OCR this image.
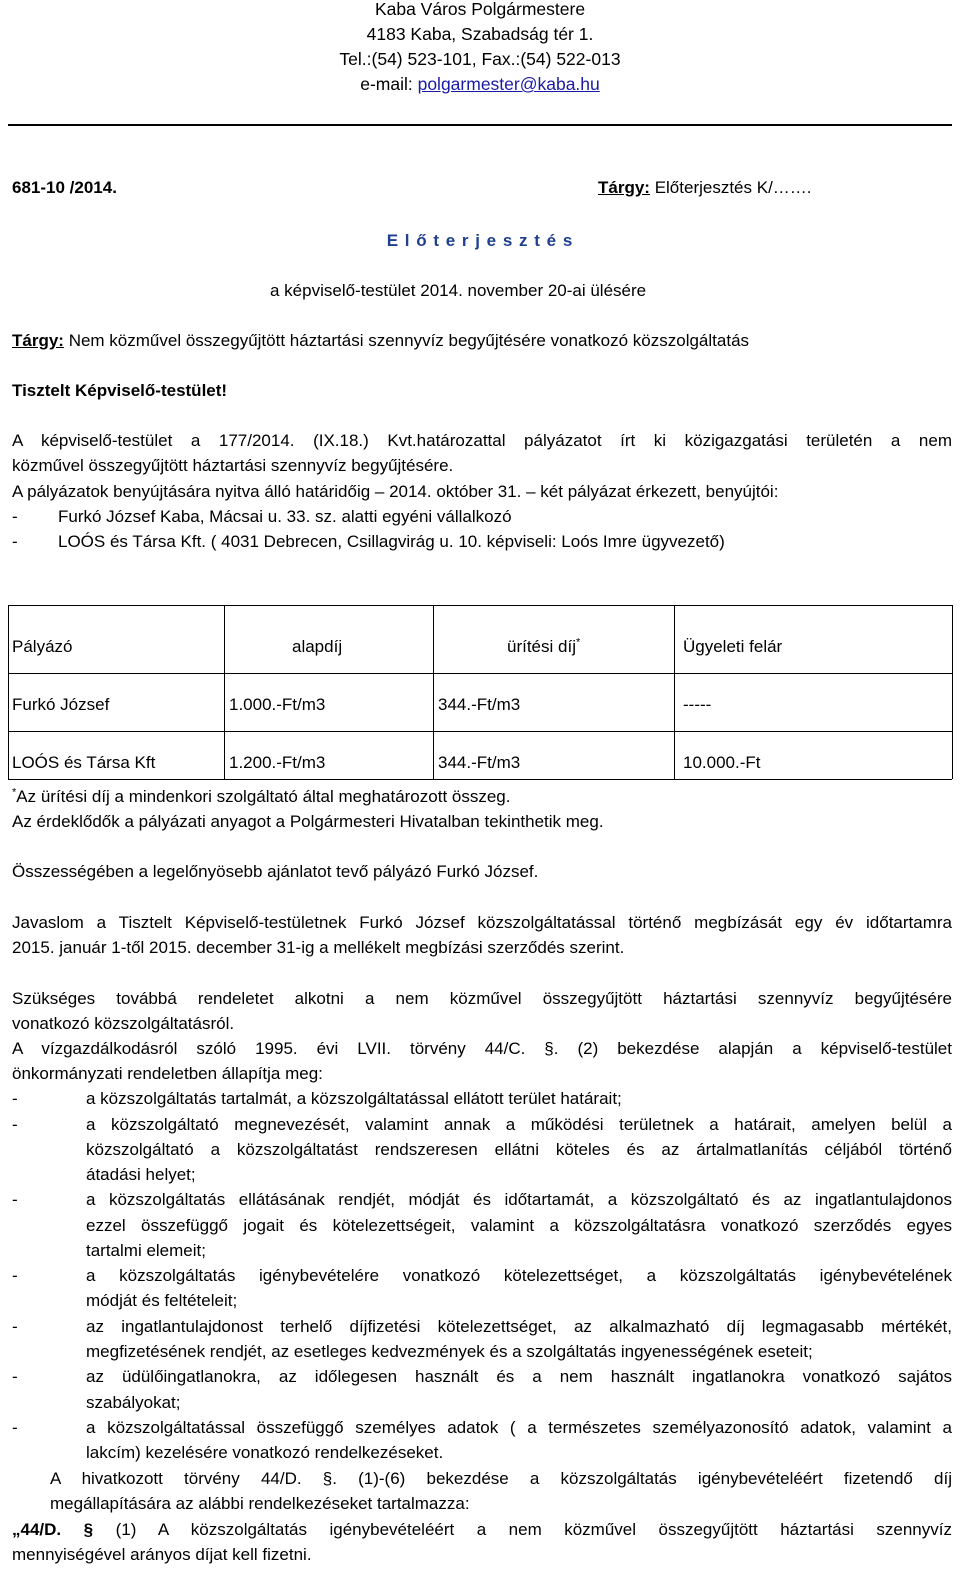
Kaba Város Polgármestere
4183 Kaba, Szabadság tér 1.
Tel.:(54) 523-101, Fax.:(54) 522-013
e-mail: polgarmester@kaba.hu
681-10 /2014.	Tárgy: Előterjesztés K/…….
E l ő t e r j e s z t é s
a képviselő-testület 2014. november 20-ai ülésére
Tárgy: Nem közművel összegyűjtött háztartási szennyvíz begyűjtésére vonatkozó közszolgáltatás
Tisztelt Képviselő-testület!
A képviselő-testület a 177/2014. (IX.18.) Kvt.határozattal pályázatot írt ki közigazgatási területén a nem
közművel összegyűjtött háztartási szennyvíz begyűjtésére.
A pályázatok benyújtására nyitva álló határidőig – 2014. október 31. – két pályázat érkezett, benyújtói:
-	Furkó József Kaba, Mácsai u. 33. sz. alatti egyéni vállalkozó
-	LOÓS és Társa Kft. ( 4031 Debrecen, Csillagvirág u. 10. képviseli: Loós Imre ügyvezető)
Pályázó	alapdíj	ürítési díj*	Ügyeleti felár
Furkó József	1.000.-Ft/m3	344.-Ft/m3	-----
LOÓS és Társa Kft	1.200.-Ft/m3	344.-Ft/m3	10.000.-Ft
*Az ürítési díj a mindenkori szolgáltató által meghatározott összeg.
Az érdeklődők a pályázati anyagot a Polgármesteri Hivatalban tekinthetik meg.
Összességében a legelőnyösebb ajánlatot tevő pályázó Furkó József.
Javaslom a Tisztelt Képviselő-testületnek Furkó József közszolgáltatással történő megbízását egy év időtartamra
2015. január 1-től 2015. december 31-ig a mellékelt megbízási szerződés szerint.
Szükséges továbbá rendeletet alkotni a nem közművel összegyűjtött háztartási szennyvíz begyűjtésére
vonatkozó közszolgáltatásról.
A vízgazdálkodásról szóló 1995. évi LVII. törvény 44/C. §. (2) bekezdése alapján a képviselő-testület
önkormányzati rendeletben állapítja meg:
-	a közszolgáltatás tartalmát, a közszolgáltatással ellátott terület határait;
-	a közszolgáltató megnevezését, valamint annak a működési területnek a határait, amelyen belül a
közszolgáltató a közszolgáltatást rendszeresen ellátni köteles és az ártalmatlanítás céljából történő
átadási helyet;
-	a közszolgáltatás ellátásának rendjét, módját és időtartamát, a közszolgáltató és az ingatlantulajdonos
ezzel összefüggő jogait és kötelezettségeit, valamint a közszolgáltatásra vonatkozó szerződés egyes
tartalmi elemeit;
-	a közszolgáltatás igénybevételére vonatkozó kötelezettséget, a közszolgáltatás igénybevételének
módját és feltételeit;
-	az ingatlantulajdonost terhelő díjfizetési kötelezettséget, az alkalmazható díj legmagasabb mértékét,
megfizetésének rendjét, az esetleges kedvezmények és a szolgáltatás ingyenességének eseteit;
-	az üdülőingatlanokra, az időlegesen használt és a nem használt ingatlanokra vonatkozó sajátos
szabályokat;
-	a közszolgáltatással összefüggő személyes adatok ( a természetes személyazonosító adatok, valamint a
lakcím) kezelésére vonatkozó rendelkezéseket.
A hivatkozott törvény 44/D. §. (1)-(6) bekezdése a közszolgáltatás igénybevételéért fizetendő díj
megállapítására az alábbi rendelkezéseket tartalmazza:
„44/D. § (1) A közszolgáltatás igénybevételéért a nem közművel összegyűjtött háztartási szennyvíz
mennyiségével arányos díjat kell fizetni.
